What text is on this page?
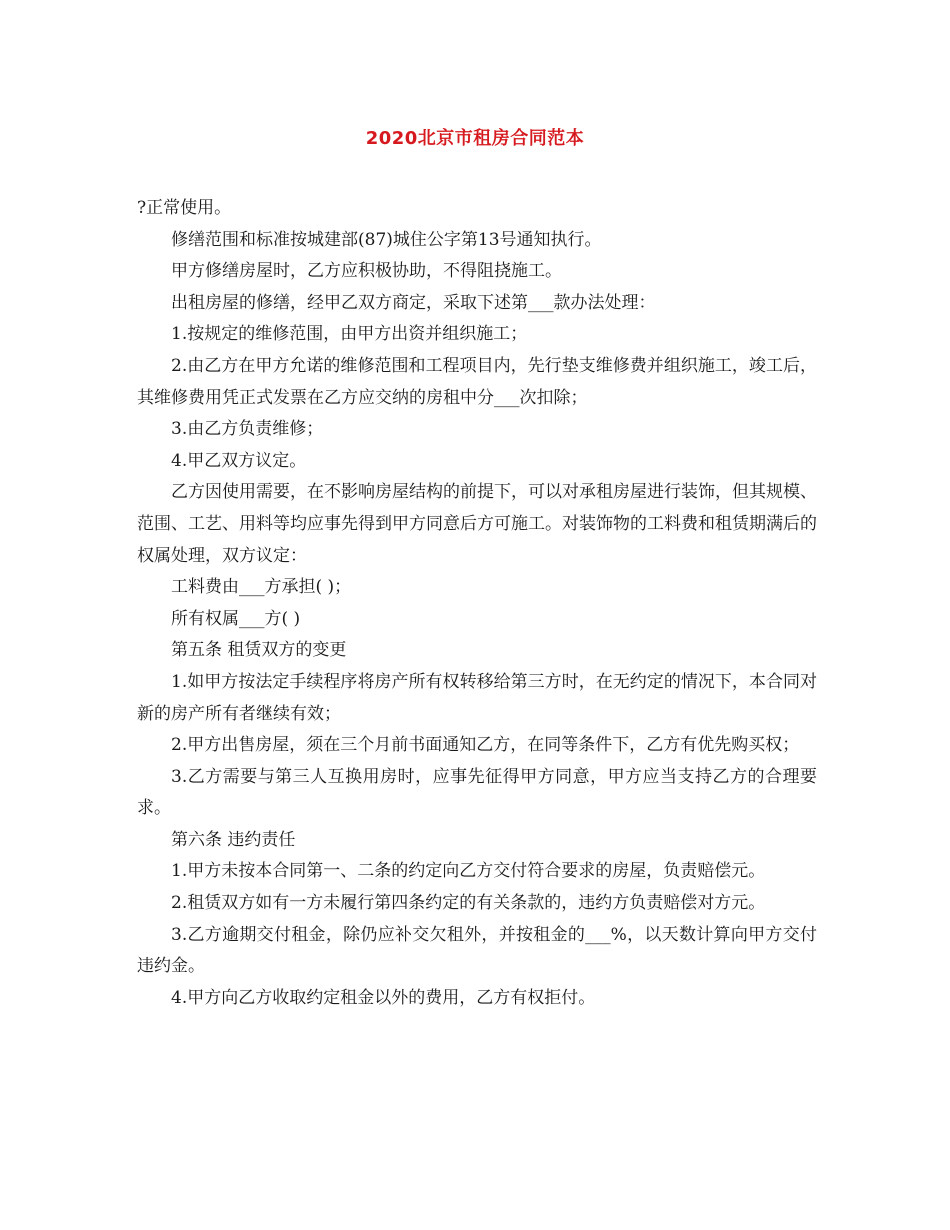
2020北京市租房合同范本

?正常使用。

修缮范围和标准按城建部(87)城住公字第13号通知执行。

甲方修缮房屋时，乙方应积极协助，不得阻挠施工。

出租房屋的修缮，经甲乙双方商定，采取下述第___款办法处理：

1.按规定的维修范围，由甲方出资并组织施工；

2.由乙方在甲方允诺的维修范围和工程项目内，先行垫支维修费并组织施工，竣工后，其维修费用凭正式发票在乙方应交纳的房租中分___次扣除；

3.由乙方负责维修；

4.甲乙双方议定。

乙方因使用需要，在不影响房屋结构的前提下，可以对承租房屋进行装饰，但其规模、范围、工艺、用料等均应事先得到甲方同意后方可施工。对装饰物的工料费和租赁期满后的权属处理，双方议定：

工料费由___方承担( )；

所有权属___方( )

第五条 租赁双方的变更

1.如甲方按法定手续程序将房产所有权转移给第三方时，在无约定的情况下，本合同对新的房产所有者继续有效；

2.甲方出售房屋，须在三个月前书面通知乙方，在同等条件下，乙方有优先购买权；

3.乙方需要与第三人互换用房时，应事先征得甲方同意，甲方应当支持乙方的合理要求。

第六条 违约责任

1.甲方未按本合同第一、二条的约定向乙方交付符合要求的房屋，负责赔偿元。

2.租赁双方如有一方未履行第四条约定的有关条款的，违约方负责赔偿对方元。

3.乙方逾期交付租金，除仍应补交欠租外，并按租金的___%，以天数计算向甲方交付违约金。

4.甲方向乙方收取约定租金以外的费用，乙方有权拒付。
